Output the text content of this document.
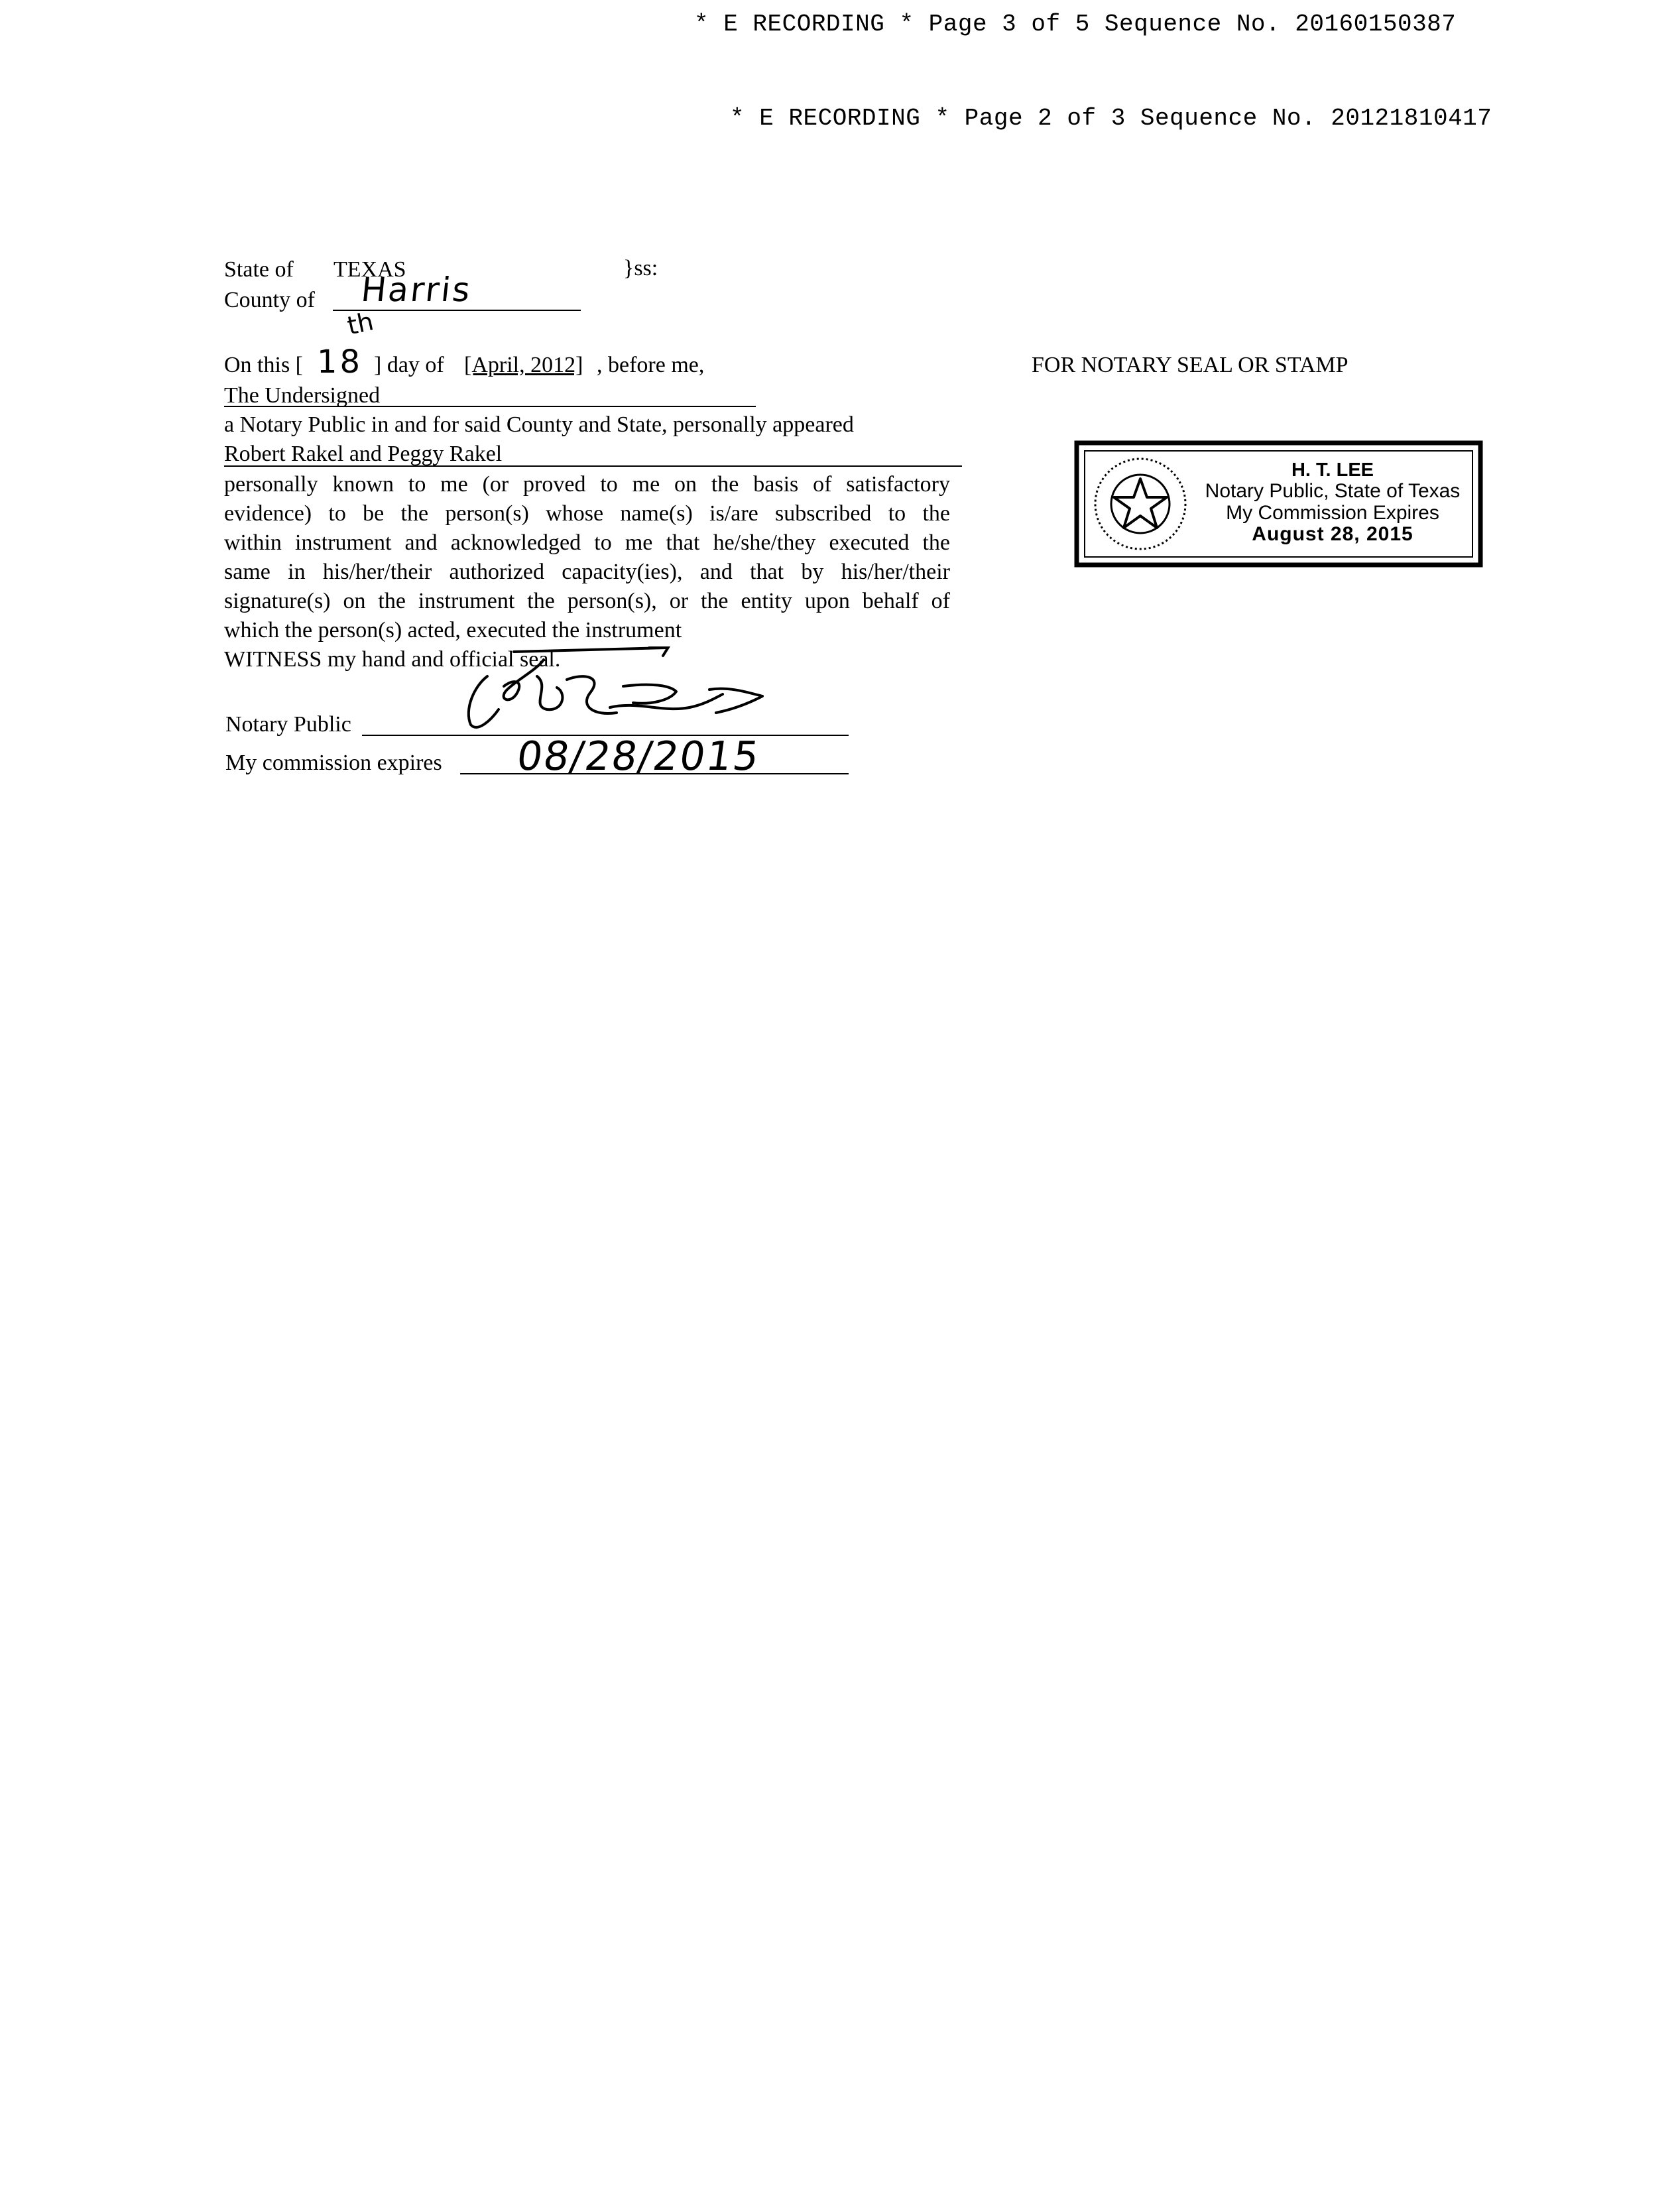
* E RECORDING * Page 3 of 5 Sequence No. 20160150387
* E RECORDING * Page 2 of 3 Sequence No. 20121810417
State of TEXAS	}ss:
County of Harris
On this [ 18
th
] day of [April, 2012] , before me,
The Undersigned
a Notary Public in and for said County and State, personally appeared
Robert Rakel and Peggy Rakel
personally known to me (or proved to me on the basis of satisfactory
evidence) to be the person(s) whose name(s) is/are subscribed to the
within instrument and acknowledged to me that he/she/they executed the
same in his/her/their authorized capacity(ies), and that by his/her/their
signature(s) on the instrument the person(s), or the entity upon behalf of
which the person(s) acted, executed the instrument
WITNESS my hand and official seal.
Notary Public
My commission expires 08/28/2015
FOR NOTARY SEAL OR STAMP
H. T. LEE
Notary Public, State of Texas
My Commission Expires
August 28, 2015
